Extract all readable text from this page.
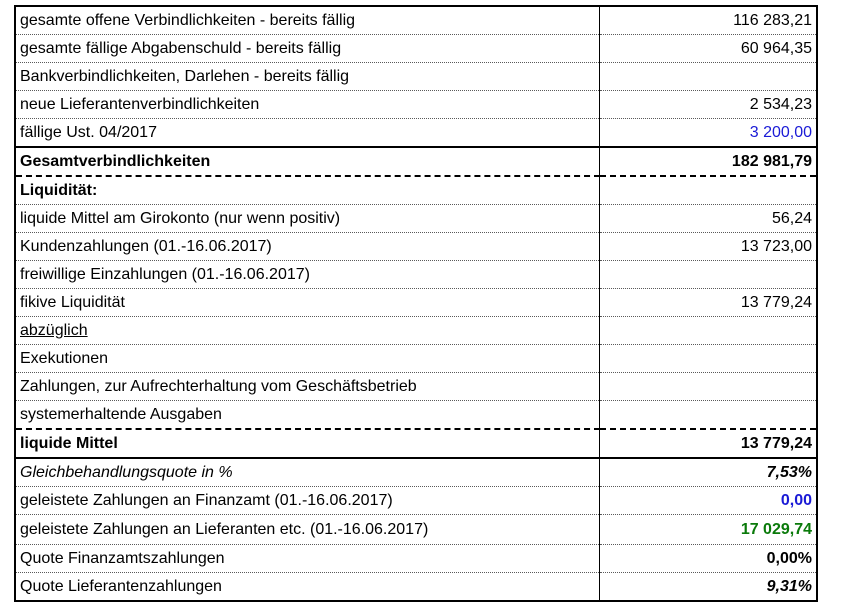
gesamte offene Verbindlichkeiten - bereits fällig	116 283,21
gesamte fällige Abgabenschuld - bereits fällig	60 964,35
Bankverbindlichkeiten, Darlehen - bereits fällig	
neue Lieferantenverbindlichkeiten	2 534,23
fällige Ust. 04/2017	3 200,00
Gesamtverbindlichkeiten	182 981,79
Liquidität:	
liquide Mittel am Girokonto (nur wenn positiv)	56,24
Kundenzahlungen (01.-16.06.2017)	13 723,00
freiwillige Einzahlungen (01.-16.06.2017)	
fikive Liquidität	13 779,24
abzüglich	
Exekutionen	
Zahlungen, zur Aufrechterhaltung vom Geschäftsbetrieb	
systemerhaltende Ausgaben	
liquide Mittel	13 779,24
Gleichbehandlungsquote in %	7,53%
geleistete Zahlungen an Finanzamt (01.-16.06.2017)	0,00
geleistete Zahlungen an Lieferanten etc. (01.-16.06.2017)	17 029,74
Quote Finanzamtszahlungen	0,00%
Quote Lieferantenzahlungen	9,31%
